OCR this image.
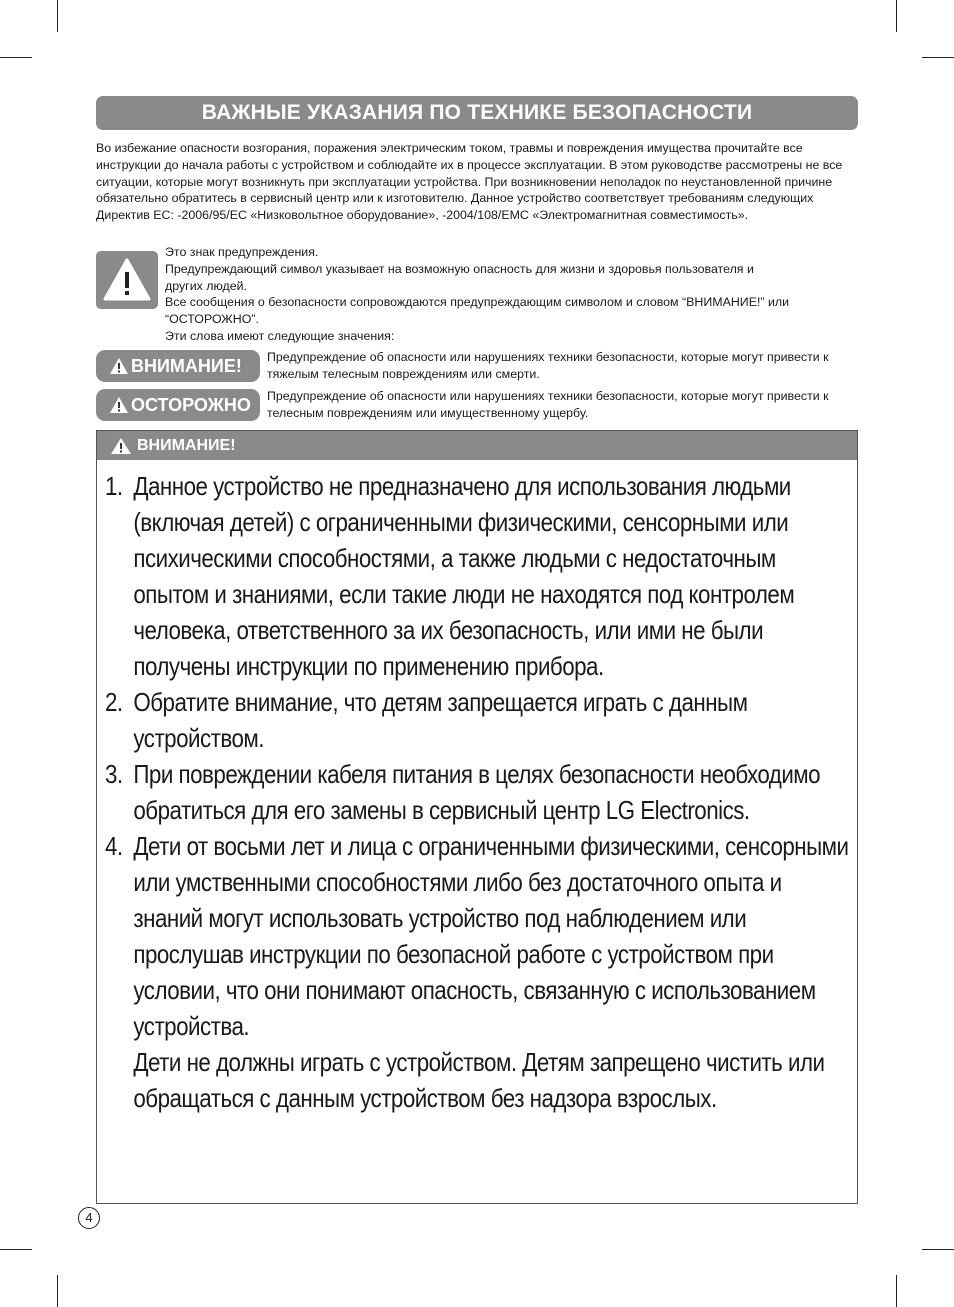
ВАЖНЫЕ УКАЗАНИЯ ПО ТЕХНИКЕ БЕЗОПАСНОСТИ
Во избежание опасности возгорания, поражения электрическим током, травмы и повреждения имущества прочитайте все инструкции до начала работы с устройством и соблюдайте их в процессе эксплуатации. В этом руководстве рассмотрены не все ситуации, которые могут возникнуть при эксплуатации устройства. При возникновении неполадок по неустановленной причине обязательно обратитесь в сервисный центр или к изготовителю. Данное устройство соответствует требованиям следующих Директив ЕС: -2006/95/EC «Низковольтное оборудование», -2004/108/EMC «Электромагнитная совместимость».
Это знак предупреждения.
Предупреждающий символ указывает на возможную опасность для жизни и здоровья пользователя и других людей.
Все сообщения о безопасности сопровождаются предупреждающим символом и словом “ВНИМАНИЕ!” или “ОСТОРОЖНО”.
Эти слова имеют следующие значения:
ВНИМАНИЕ! Предупреждение об опасности или нарушениях техники безопасности, которые могут привести к тяжелым телесным повреждениям или смерти.
ОСТОРОЖНО Предупреждение об опасности или нарушениях техники безопасности, которые могут привести к телесным повреждениям или имущественному ущербу.
ВНИМАНИЕ!
1. Данное устройство не предназначено для использования людьми (включая детей) с ограниченными физическими, сенсорными или психическими способностями, а также людьми с недостаточным опытом и знаниями, если такие люди не находятся под контролем человека, ответственного за их безопасность, или ими не были получены инструкции по применению прибора.
2. Обратите внимание, что детям запрещается играть с данным устройством.
3. При повреждении кабеля питания в целях безопасности необходимо обратиться для его замены в сервисный центр LG Electronics.
4. Дети от восьми лет и лица с ограниченными физическими, сенсорными или умственными способностями либо без достаточного опыта и знаний могут использовать устройство под наблюдением или прослушав инструкции по безопасной работе с устройством при условии, что они понимают опасность, связанную с использованием устройства.
Дети не должны играть с устройством. Детям запрещено чистить или обращаться с данным устройством без надзора взрослых.
4
